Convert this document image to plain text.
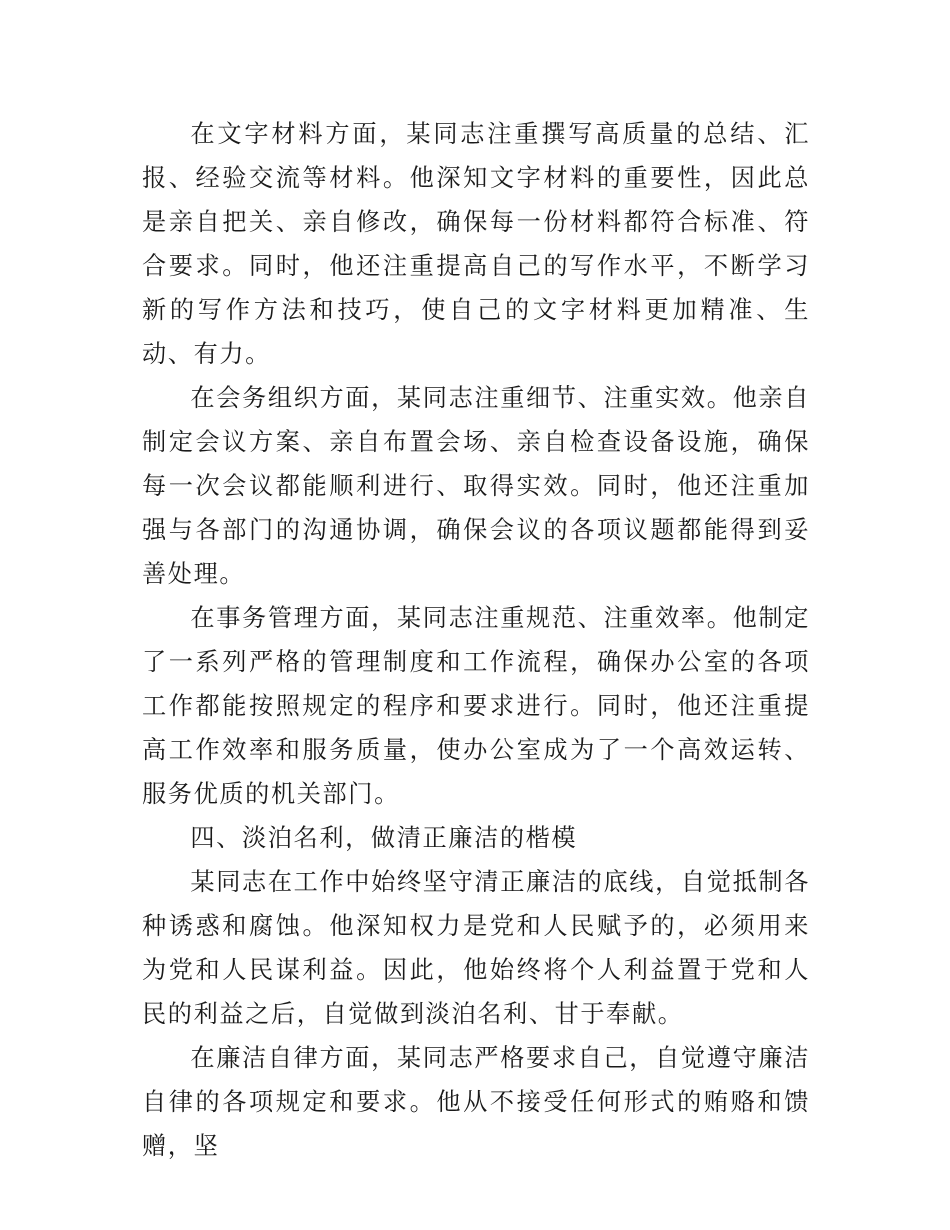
在文字材料方面，某同志注重撰写高质量的总结、汇报、经验交流等材料。他深知文字材料的重要性，因此总是亲自把关、亲自修改，确保每一份材料都符合标准、符合要求。同时，他还注重提高自己的写作水平，不断学习新的写作方法和技巧，使自己的文字材料更加精准、生动、有力。

在会务组织方面，某同志注重细节、注重实效。他亲自制定会议方案、亲自布置会场、亲自检查设备设施，确保每一次会议都能顺利进行、取得实效。同时，他还注重加强与各部门的沟通协调，确保会议的各项议题都能得到妥善处理。

在事务管理方面，某同志注重规范、注重效率。他制定了一系列严格的管理制度和工作流程，确保办公室的各项工作都能按照规定的程序和要求进行。同时，他还注重提高工作效率和服务质量，使办公室成为了一个高效运转、服务优质的机关部门。

四、淡泊名利，做清正廉洁的楷模

某同志在工作中始终坚守清正廉洁的底线，自觉抵制各种诱惑和腐蚀。他深知权力是党和人民赋予的，必须用来为党和人民谋利益。因此，他始终将个人利益置于党和人民的利益之后，自觉做到淡泊名利、甘于奉献。

在廉洁自律方面，某同志严格要求自己，自觉遵守廉洁自律的各项规定和要求。他从不接受任何形式的贿赂和馈赠，坚
